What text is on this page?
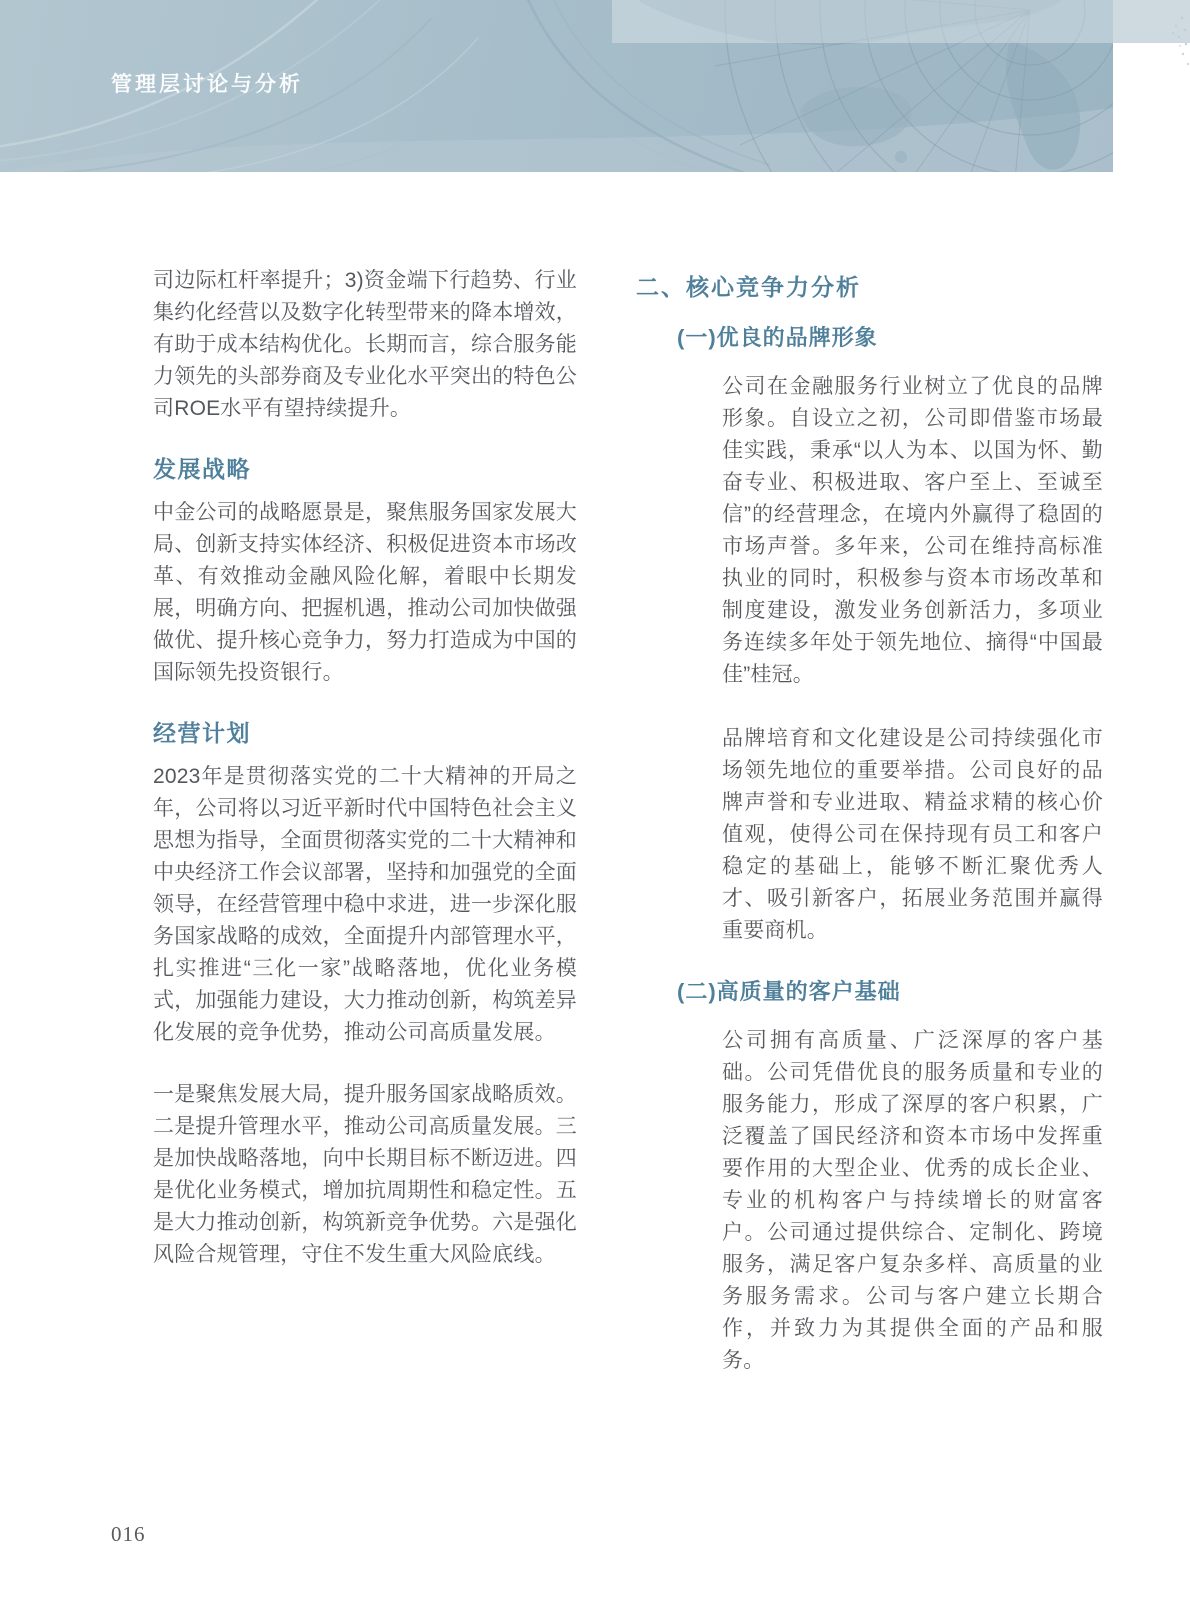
管理层讨论与分析

司边际杠杆率提升；3)资金端下行趋势、行业集约化经营以及数字化转型带来的降本增效，有助于成本结构优化。长期而言，综合服务能力领先的头部券商及专业化水平突出的特色公司ROE水平有望持续提升。

发展战略

中金公司的战略愿景是，聚焦服务国家发展大局、创新支持实体经济、积极促进资本市场改革、有效推动金融风险化解，着眼中长期发展，明确方向、把握机遇，推动公司加快做强做优、提升核心竞争力，努力打造成为中国的国际领先投资银行。

经营计划

2023年是贯彻落实党的二十大精神的开局之年，公司将以习近平新时代中国特色社会主义思想为指导，全面贯彻落实党的二十大精神和中央经济工作会议部署，坚持和加强党的全面领导，在经营管理中稳中求进，进一步深化服务国家战略的成效，全面提升内部管理水平，扎实推进“三化一家”战略落地，优化业务模式，加强能力建设，大力推动创新，构筑差异化发展的竞争优势，推动公司高质量发展。

一是聚焦发展大局，提升服务国家战略质效。二是提升管理水平，推动公司高质量发展。三是加快战略落地，向中长期目标不断迈进。四是优化业务模式，增加抗周期性和稳定性。五是大力推动创新，构筑新竞争优势。六是强化风险合规管理，守住不发生重大风险底线。

二、核心竞争力分析
(一)优良的品牌形象

公司在金融服务行业树立了优良的品牌形象。自设立之初，公司即借鉴市场最佳实践，秉承“以人为本、以国为怀、勤奋专业、积极进取、客户至上、至诚至信”的经营理念，在境内外赢得了稳固的市场声誉。多年来，公司在维持高标准执业的同时，积极参与资本市场改革和制度建设，激发业务创新活力，多项业务连续多年处于领先地位、摘得“中国最佳”桂冠。

品牌培育和文化建设是公司持续强化市场领先地位的重要举措。公司良好的品牌声誉和专业进取、精益求精的核心价值观，使得公司在保持现有员工和客户稳定的基础上，能够不断汇聚优秀人才、吸引新客户，拓展业务范围并赢得重要商机。

(二)高质量的客户基础

公司拥有高质量、广泛深厚的客户基础。公司凭借优良的服务质量和专业的服务能力，形成了深厚的客户积累，广泛覆盖了国民经济和资本市场中发挥重要作用的大型企业、优秀的成长企业、专业的机构客户与持续增长的财富客户。公司通过提供综合、定制化、跨境服务，满足客户复杂多样、高质量的业务服务需求。公司与客户建立长期合作，并致力为其提供全面的产品和服务。

016
